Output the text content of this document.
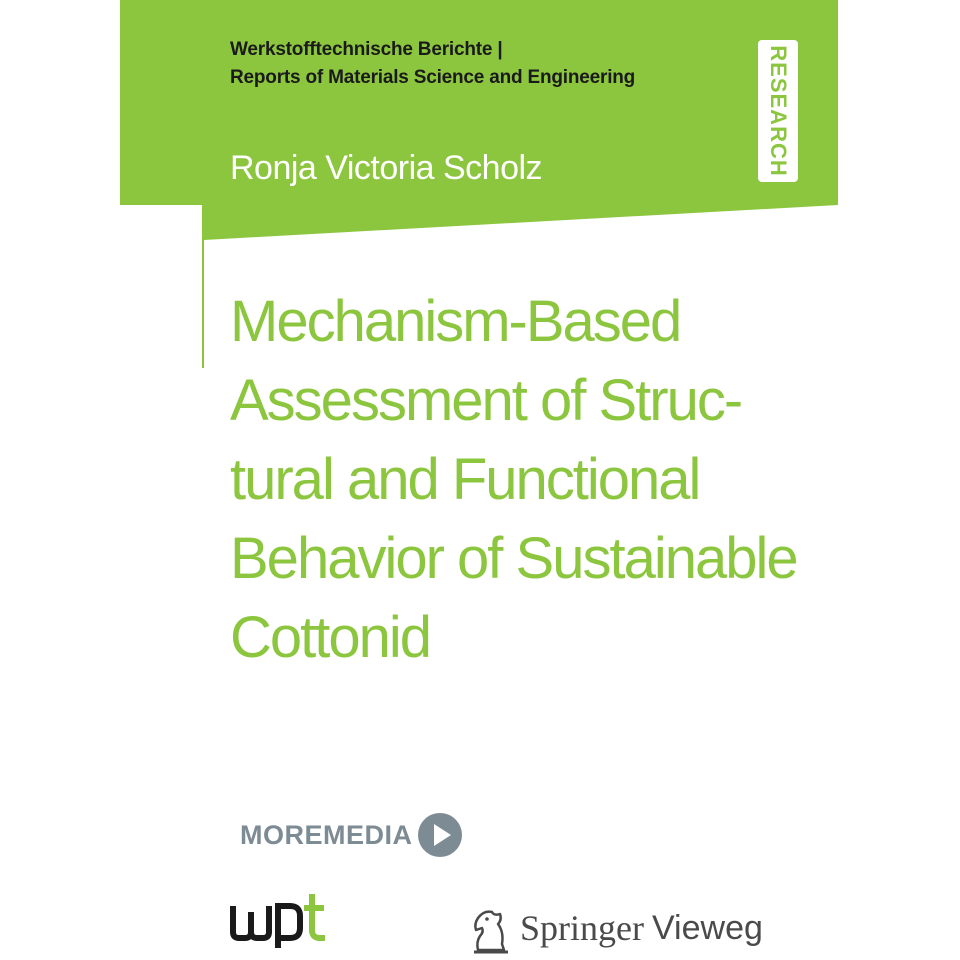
Werkstofftechnische Berichte |
Reports of Materials Science and Engineering
Ronja Victoria Scholz	RESEARCH
Mechanism-Based
Assessment of Struc-
tural and Functional
Behavior of Sustainable
Cottonid
MOREMEDIA
Springer Vieweg
